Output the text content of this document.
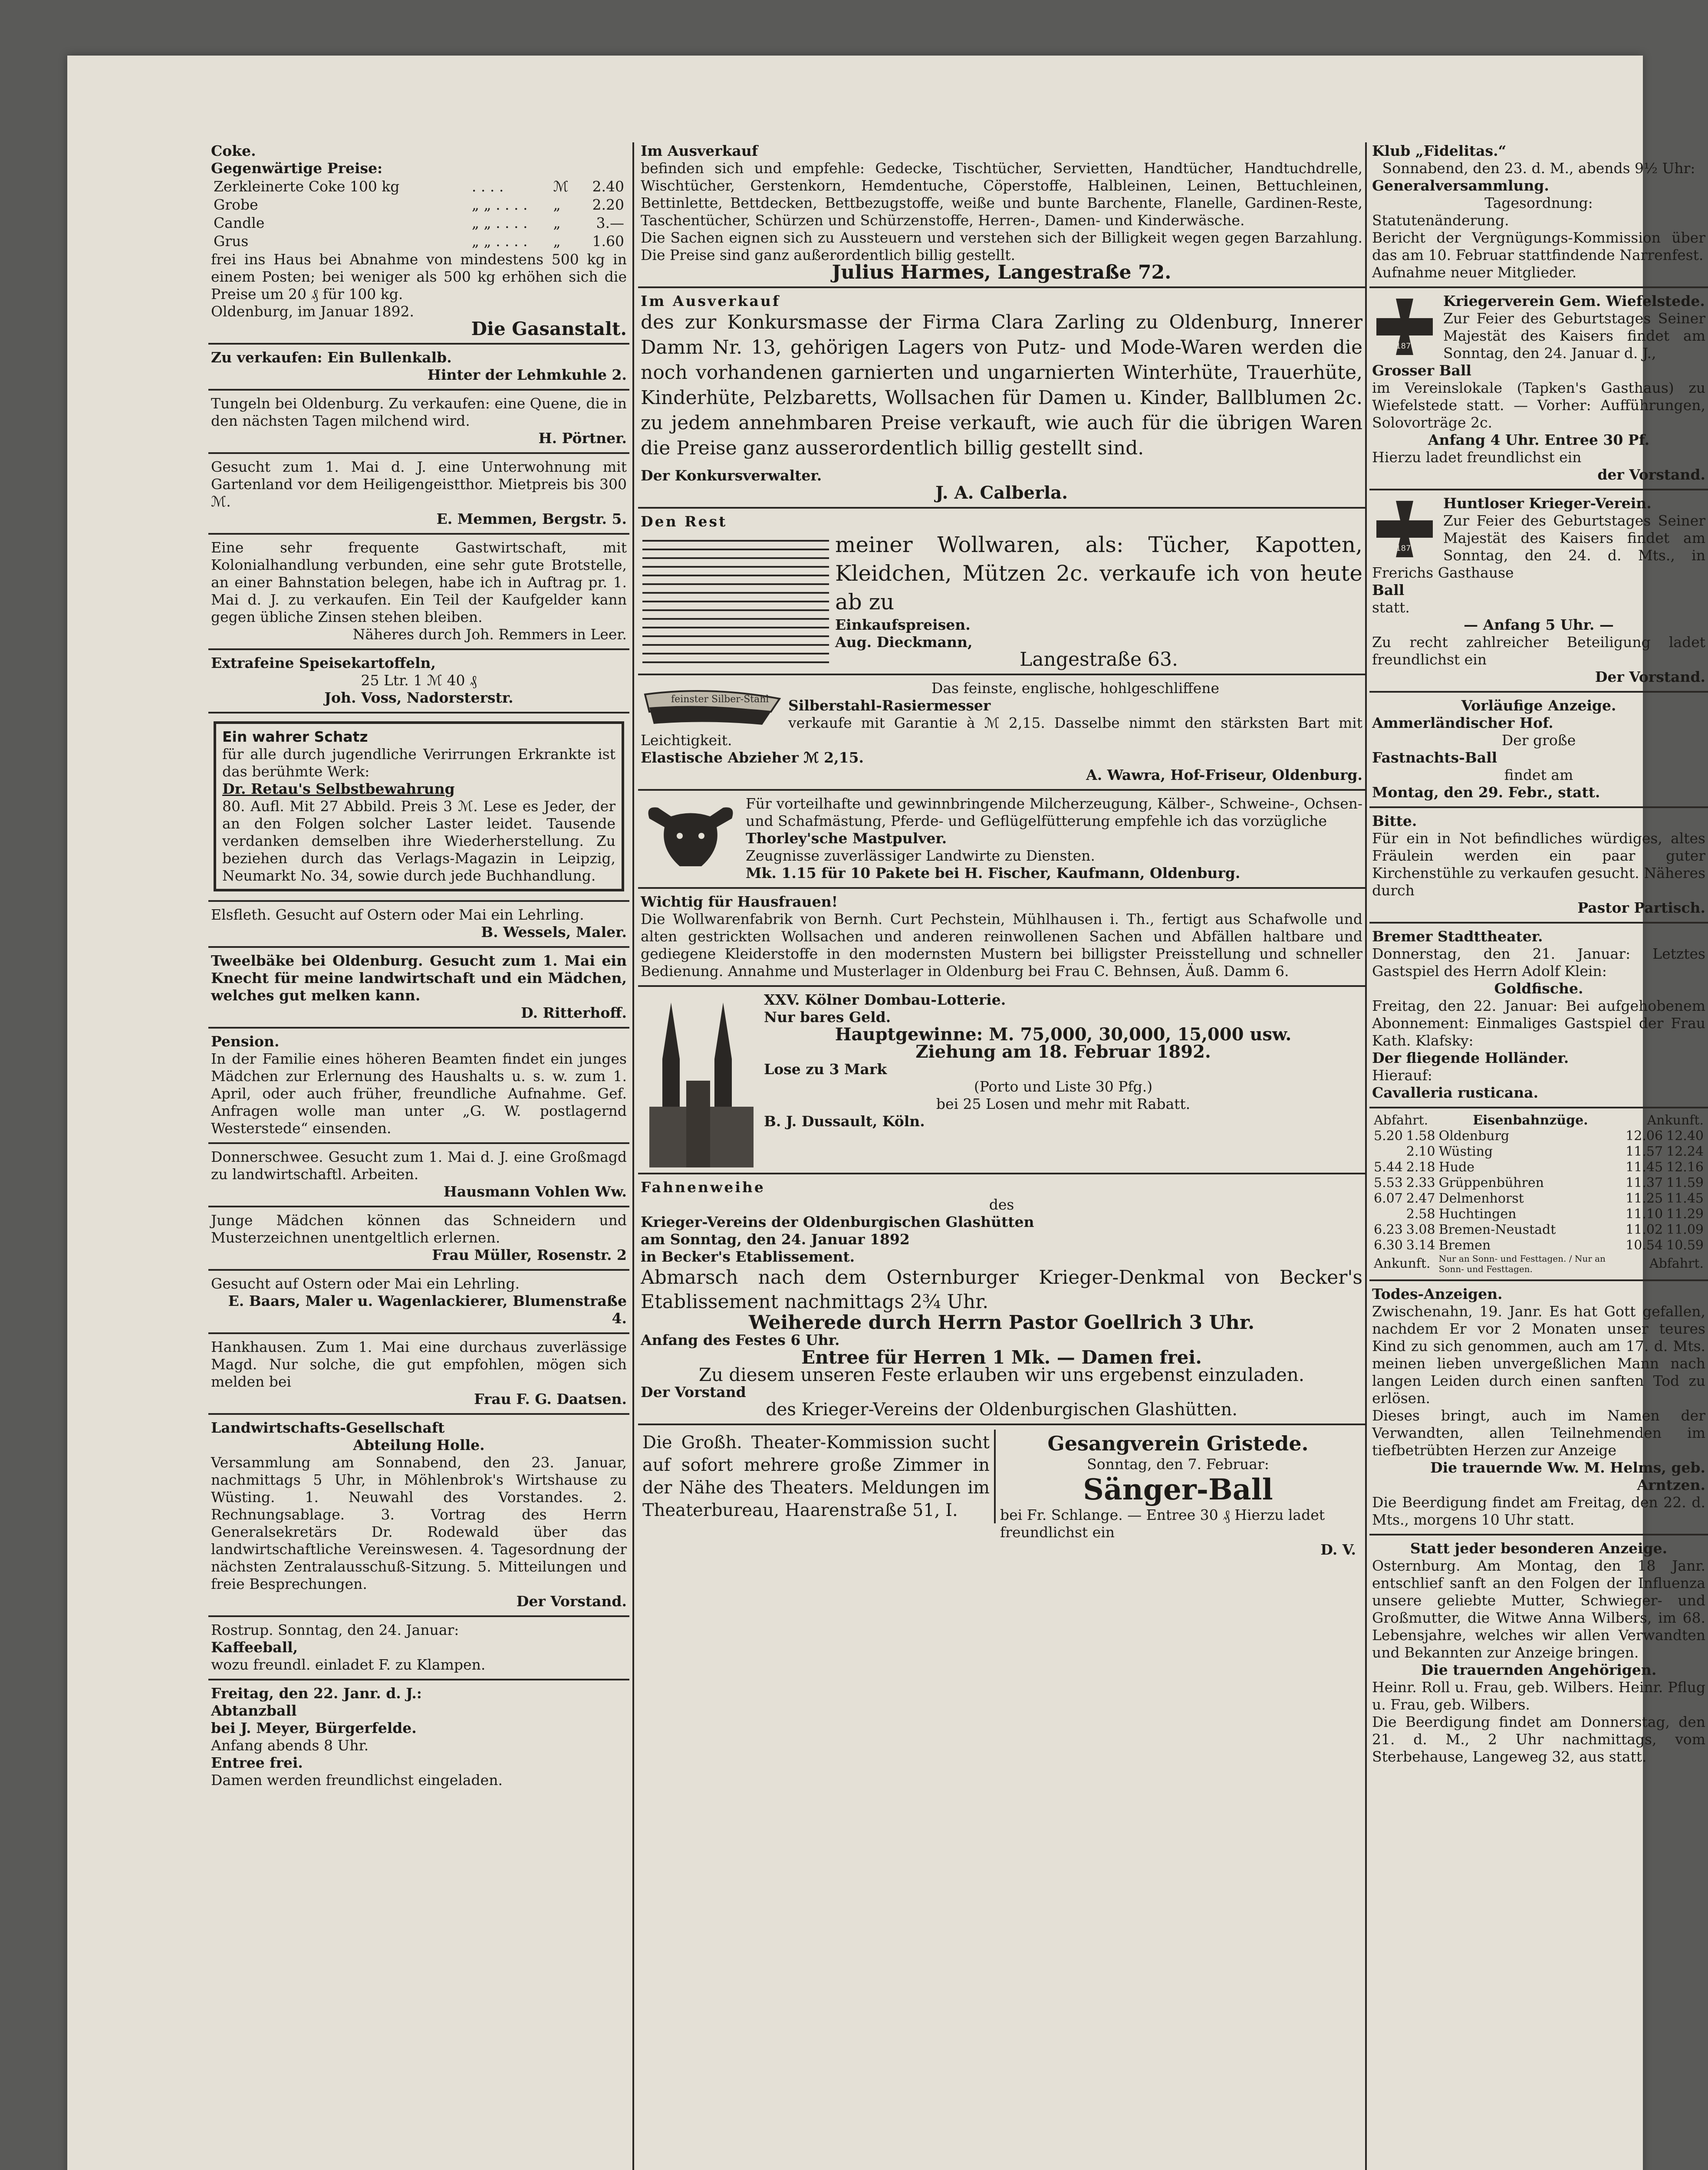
Coke.

Gegenwärtige Preise:

Zerkleinerte Coke 100 kg	. . . .	ℳ	2.40
Grobe	„ „ . . . .	„	2.20
Candle	„ „ . . . .	„	3.—
Grus	„ „ . . . .	„	1.60

frei ins Haus bei Abnahme von mindestens 500 kg in einem Posten; bei weniger als 500 kg erhöhen sich die Preise um 20 ₰ für 100 kg.

Oldenburg, im Januar 1892.

Die Gasanstalt.

Zu verkaufen: Ein Bullenkalb.

Hinter der Lehmkuhle 2.

Tungeln bei Oldenburg. Zu verkaufen: eine Quene, die in den nächsten Tagen milchend wird.

H. Pörtner.

Gesucht zum 1. Mai d. J. eine Unterwohnung mit Gartenland vor dem Heiligengeistthor. Mietpreis bis 300 ℳ.

E. Memmen, Bergstr. 5.

Eine sehr frequente Gastwirtschaft, mit Kolonialhandlung verbunden, eine sehr gute Brotstelle, an einer Bahnstation belegen, habe ich in Auftrag pr. 1. Mai d. J. zu verkaufen. Ein Teil der Kaufgelder kann gegen übliche Zinsen stehen bleiben.

Näheres durch Joh. Remmers in Leer.

Extrafeine Speisekartoffeln,

25 Ltr. 1 ℳ 40 ₰

Joh. Voss, Nadorsterstr.

Ein wahrer Schatz

für alle durch jugendliche Verirrungen Erkrankte ist das berühmte Werk:

Dr. Retau's Selbstbewahrung

80. Aufl. Mit 27 Abbild. Preis 3 ℳ. Lese es Jeder, der an den Folgen solcher Laster leidet. Tausende verdanken demselben ihre Wiederherstellung. Zu beziehen durch das Verlags-Magazin in Leipzig, Neumarkt No. 34, sowie durch jede Buchhandlung.

Elsfleth. Gesucht auf Ostern oder Mai ein Lehrling.

B. Wessels, Maler.

Tweelbäke bei Oldenburg. Gesucht zum 1. Mai ein Knecht für meine landwirtschaft und ein Mädchen, welches gut melken kann.

D. Ritterhoff.

Pension.

In der Familie eines höheren Beamten findet ein junges Mädchen zur Erlernung des Haushalts u. s. w. zum 1. April, oder auch früher, freundliche Aufnahme. Gef. Anfragen wolle man unter „G. W. postlagernd Westerstede“ einsenden.

Donnerschwee. Gesucht zum 1. Mai d. J. eine Großmagd zu landwirtschaftl. Arbeiten.

Hausmann Vohlen Ww.

Junge Mädchen können das Schneidern und Musterzeichnen unentgeltlich erlernen.

Frau Müller, Rosenstr. 2

Gesucht auf Ostern oder Mai ein Lehrling.

E. Baars, Maler u. Wagenlackierer, Blumenstraße 4.

Hankhausen. Zum 1. Mai eine durchaus zuverlässige Magd. Nur solche, die gut empfohlen, mögen sich melden bei

Frau F. G. Daatsen.

Landwirtschafts-Gesellschaft

Abteilung Holle.

Versammlung am Sonnabend, den 23. Januar, nachmittags 5 Uhr, in Möhlenbrok's Wirtshause zu Wüsting. 1. Neuwahl des Vorstandes. 2. Rechnungsablage. 3. Vortrag des Herrn Generalsekretärs Dr. Rodewald über das landwirtschaftliche Vereinswesen. 4. Tagesordnung der nächsten Zentralausschuß-Sitzung. 5. Mitteilungen und freie Besprechungen.

Der Vorstand.

Rostrup. Sonntag, den 24. Januar:

Kaffeeball,

wozu freundl. einladet F. zu Klampen.

Freitag, den 22. Janr. d. J.:

Abtanzball

bei J. Meyer, Bürgerfelde.

Anfang abends 8 Uhr.

Entree frei.

Damen werden freundlichst eingeladen.

Im Ausverkauf

befinden sich und empfehle: Gedecke, Tischtücher, Servietten, Handtücher, Handtuchdrelle, Wischtücher, Gerstenkorn, Hemdentuche, Cöperstoffe, Halbleinen, Leinen, Bettuchleinen, Bettinlette, Bettdecken, Bettbezugstoffe, weiße und bunte Barchente, Flanelle, Gardinen-Reste, Taschentücher, Schürzen und Schürzenstoffe, Herren-, Damen- und Kinderwäsche.

Die Sachen eignen sich zu Aussteuern und verstehen sich der Billigkeit wegen gegen Barzahlung. Die Preise sind ganz außerordentlich billig gestellt.

Julius Harmes, Langestraße 72.

Im Ausverkauf

des zur Konkursmasse der Firma Clara Zarling zu Oldenburg, Innerer Damm Nr. 13, gehörigen Lagers von Putz- und Mode-Waren werden die noch vorhandenen garnierten und ungarnierten Winterhüte, Trauerhüte, Kinderhüte, Pelzbaretts, Wollsachen für Damen u. Kinder, Ballblumen 2c. zu jedem annehmbaren Preise verkauft, wie auch für die übrigen Waren die Preise ganz ausserordentlich billig gestellt sind.

Der Konkursverwalter.

J. A. Calberla.

Den Rest

meiner Wollwaren, als: Tücher, Kapotten, Kleidchen, Mützen 2c. verkaufe ich von heute ab zu

Einkaufspreisen.

Aug. Dieckmann,

Langestraße 63.

feinster Silber-Stahl

Das feinste, englische, hohlgeschliffene

Silberstahl-Rasiermesser

verkaufe mit Garantie à ℳ 2,15. Dasselbe nimmt den stärksten Bart mit Leichtigkeit.

Elastische Abzieher ℳ 2,15.

A. Wawra, Hof-Friseur, Oldenburg.

Für vorteilhafte und gewinnbringende Milcherzeugung, Kälber-, Schweine-, Ochsen- und Schafmästung, Pferde- und Geflügelfütterung empfehle ich das vorzügliche

Thorley'sche Mastpulver.

Zeugnisse zuverlässiger Landwirte zu Diensten.

Mk. 1.15 für 10 Pakete bei H. Fischer, Kaufmann, Oldenburg.

Wichtig für Hausfrauen!

Die Wollwarenfabrik von Bernh. Curt Pechstein, Mühlhausen i. Th., fertigt aus Schafwolle und alten gestrickten Wollsachen und anderen reinwollenen Sachen und Abfällen haltbare und gediegene Kleiderstoffe in den modernsten Mustern bei billigster Preisstellung und schneller Bedienung. Annahme und Musterlager in Oldenburg bei Frau C. Behnsen, Äuß. Damm 6.

XXV. Kölner Dombau-Lotterie.

Nur bares Geld.

Hauptgewinne: M. 75,000, 30,000, 15,000 usw.

Ziehung am 18. Februar 1892.

Lose zu 3 Mark

(Porto und Liste 30 Pfg.)

bei 25 Losen und mehr mit Rabatt.

B. J. Dussault, Köln.

Fahnenweihe

des

Krieger-Vereins der Oldenburgischen Glashütten

am Sonntag, den 24. Januar 1892

in Becker's Etablissement.

Abmarsch nach dem Osternburger Krieger-Denkmal von Becker's Etablissement nachmittags 2¾ Uhr.

Weiherede durch Herrn Pastor Goellrich 3 Uhr.

Anfang des Festes 6 Uhr.

Entree für Herren 1 Mk. — Damen frei.

Zu diesem unseren Feste erlauben wir uns ergebenst einzuladen.

Der Vorstand

des Krieger-Vereins der Oldenburgischen Glashütten.

Die Großh. Theater-Kommission sucht auf sofort mehrere große Zimmer in der Nähe des Theaters. Meldungen im Theaterbureau, Haarenstraße 51, I.

Gesangverein Gristede.

Sonntag, den 7. Februar:

Sänger-Ball

bei Fr. Schlange. — Entree 30 ₰ Hierzu ladet freundlichst ein

D. V.

Klub „Fidelitas.“

Sonnabend, den 23. d. M., abends 9½ Uhr:

Generalversammlung.

Tagesordnung:

Statutenänderung.

Bericht der Vergnügungs-Kommission über das am 10. Februar stattfindende Narrenfest.

Aufnahme neuer Mitglieder.

1870

Kriegerverein Gem. Wiefelstede.

Zur Feier des Geburtstages Seiner Majestät des Kaisers findet am Sonntag, den 24. Januar d. J.,

Grosser Ball

im Vereinslokale (Tapken's Gasthaus) zu Wiefelstede statt. — Vorher: Aufführungen, Solovorträge 2c.

Anfang 4 Uhr. Entree 30 Pf.

Hierzu ladet freundlichst ein

der Vorstand.

1870

Huntloser Krieger-Verein.

Zur Feier des Geburtstages Seiner Majestät des Kaisers findet am Sonntag, den 24. d. Mts., in Frerichs Gasthause

Ball

statt.

— Anfang 5 Uhr. —

Zu recht zahlreicher Beteiligung ladet freundlichst ein

Der Vorstand.

Vorläufige Anzeige.

Ammerländischer Hof.

Der große

Fastnachts-Ball

findet am

Montag, den 29. Febr., statt.

Bitte.

Für ein in Not befindliches würdiges, altes Fräulein werden ein paar guter Kirchenstühle zu verkaufen gesucht. Näheres durch

Pastor Partisch.

Bremer Stadttheater.

Donnerstag, den 21. Januar: Letztes Gastspiel des Herrn Adolf Klein:

Goldfische.

Freitag, den 22. Januar: Bei aufgehobenem Abonnement: Einmaliges Gastspiel der Frau Kath. Klafsky:

Der fliegende Holländer.

Hierauf:

Cavalleria rusticana.

Abfahrt.		Eisenbahnzüge.	Ankunft.	
5.20	1.58	Oldenburg	12.06	12.40
	2.10	Wüsting	11.57	12.24
5.44	2.18	Hude	11.45	12.16
5.53	2.33	Grüppenbühren	11.37	11.59
6.07	2.47	Delmenhorst	11.25	11.45
	2.58	Huchtingen	11.10	11.29
6.23	3.08	Bremen-Neustadt	11.02	11.09
6.30	3.14	Bremen	10.54	10.59
Ankunft.		Nur an Sonn- und Festtagen. / Nur an Sonn- und Festtagen.	Abfahrt.	

Todes-Anzeigen.

Zwischenahn, 19. Janr. Es hat Gott gefallen, nachdem Er vor 2 Monaten unser teures Kind zu sich genommen, auch am 17. d. Mts. meinen lieben unvergeßlichen Mann nach langen Leiden durch einen sanften Tod zu erlösen.

Dieses bringt, auch im Namen der Verwandten, allen Teilnehmenden im tiefbetrübten Herzen zur Anzeige

Die trauernde Ww. M. Helms, geb. Arntzen.

Die Beerdigung findet am Freitag, den 22. d. Mts., morgens 10 Uhr statt.

Statt jeder besonderen Anzeige.

Osternburg. Am Montag, den 18 Janr. entschlief sanft an den Folgen der Influenza unsere geliebte Mutter, Schwieger- und Großmutter, die Witwe Anna Wilbers, im 68. Lebensjahre, welches wir allen Verwandten und Bekannten zur Anzeige bringen.

Die trauernden Angehörigen.

Heinr. Roll u. Frau, geb. Wilbers. Heinr. Pflug u. Frau, geb. Wilbers.

Die Beerdigung findet am Donnerstag, den 21. d. M., 2 Uhr nachmittags, vom Sterbehause, Langeweg 32, aus statt.
